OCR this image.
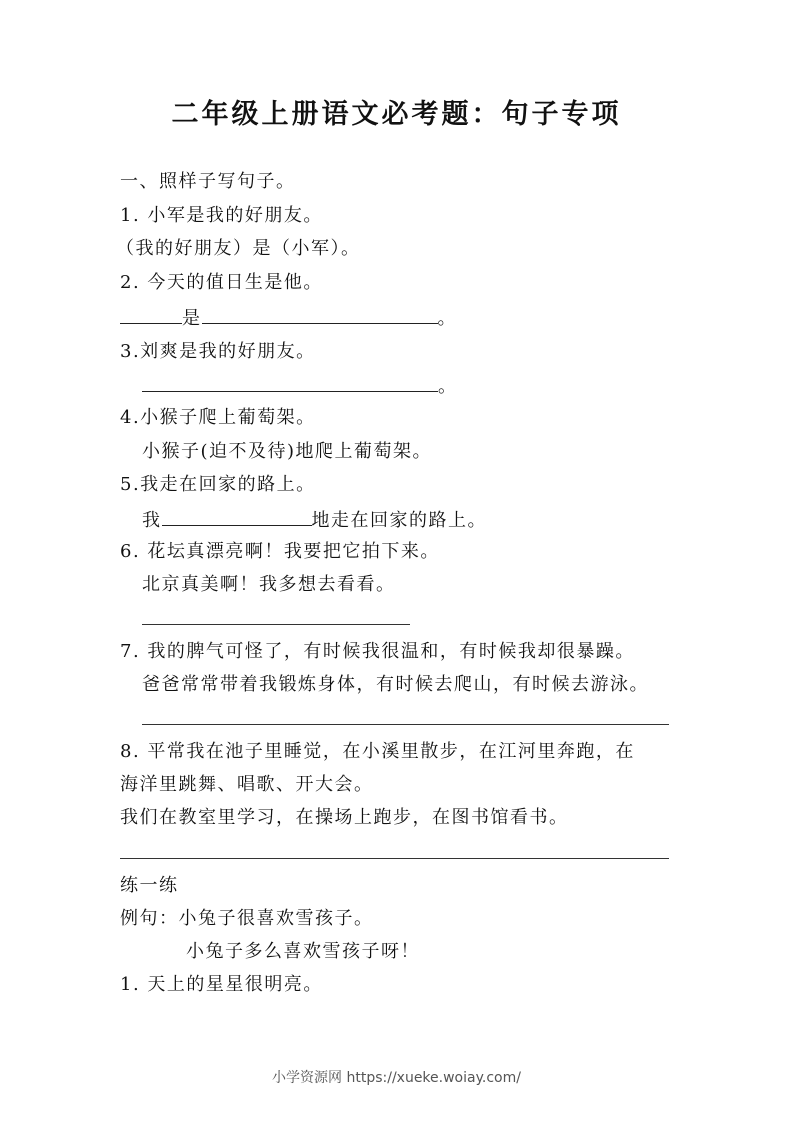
二年级上册语文必考题：句子专项
一、照样子写句子。
1. 小军是我的好朋友。
（我的好朋友）是（小军）。
2. 今天的值日生是他。
是	。
3.刘爽是我的好朋友。
。
4.小猴子爬上葡萄架。
小猴子(迫不及待)地爬上葡萄架。
5.我走在回家的路上。
我	地走在回家的路上。
6. 花坛真漂亮啊！我要把它拍下来。
北京真美啊！我多想去看看。
7. 我的脾气可怪了，有时候我很温和，有时候我却很暴躁。
爸爸常常带着我锻炼身体，有时候去爬山，有时候去游泳。
8. 平常我在池子里睡觉，在小溪里散步，在江河里奔跑，在
海洋里跳舞、唱歌、开大会。
我们在教室里学习，在操场上跑步，在图书馆看书。
练一练
例句：小兔子很喜欢雪孩子。
小兔子多么喜欢雪孩子呀！
1. 天上的星星很明亮。
小学资源网 https://xueke.woiay.com/
